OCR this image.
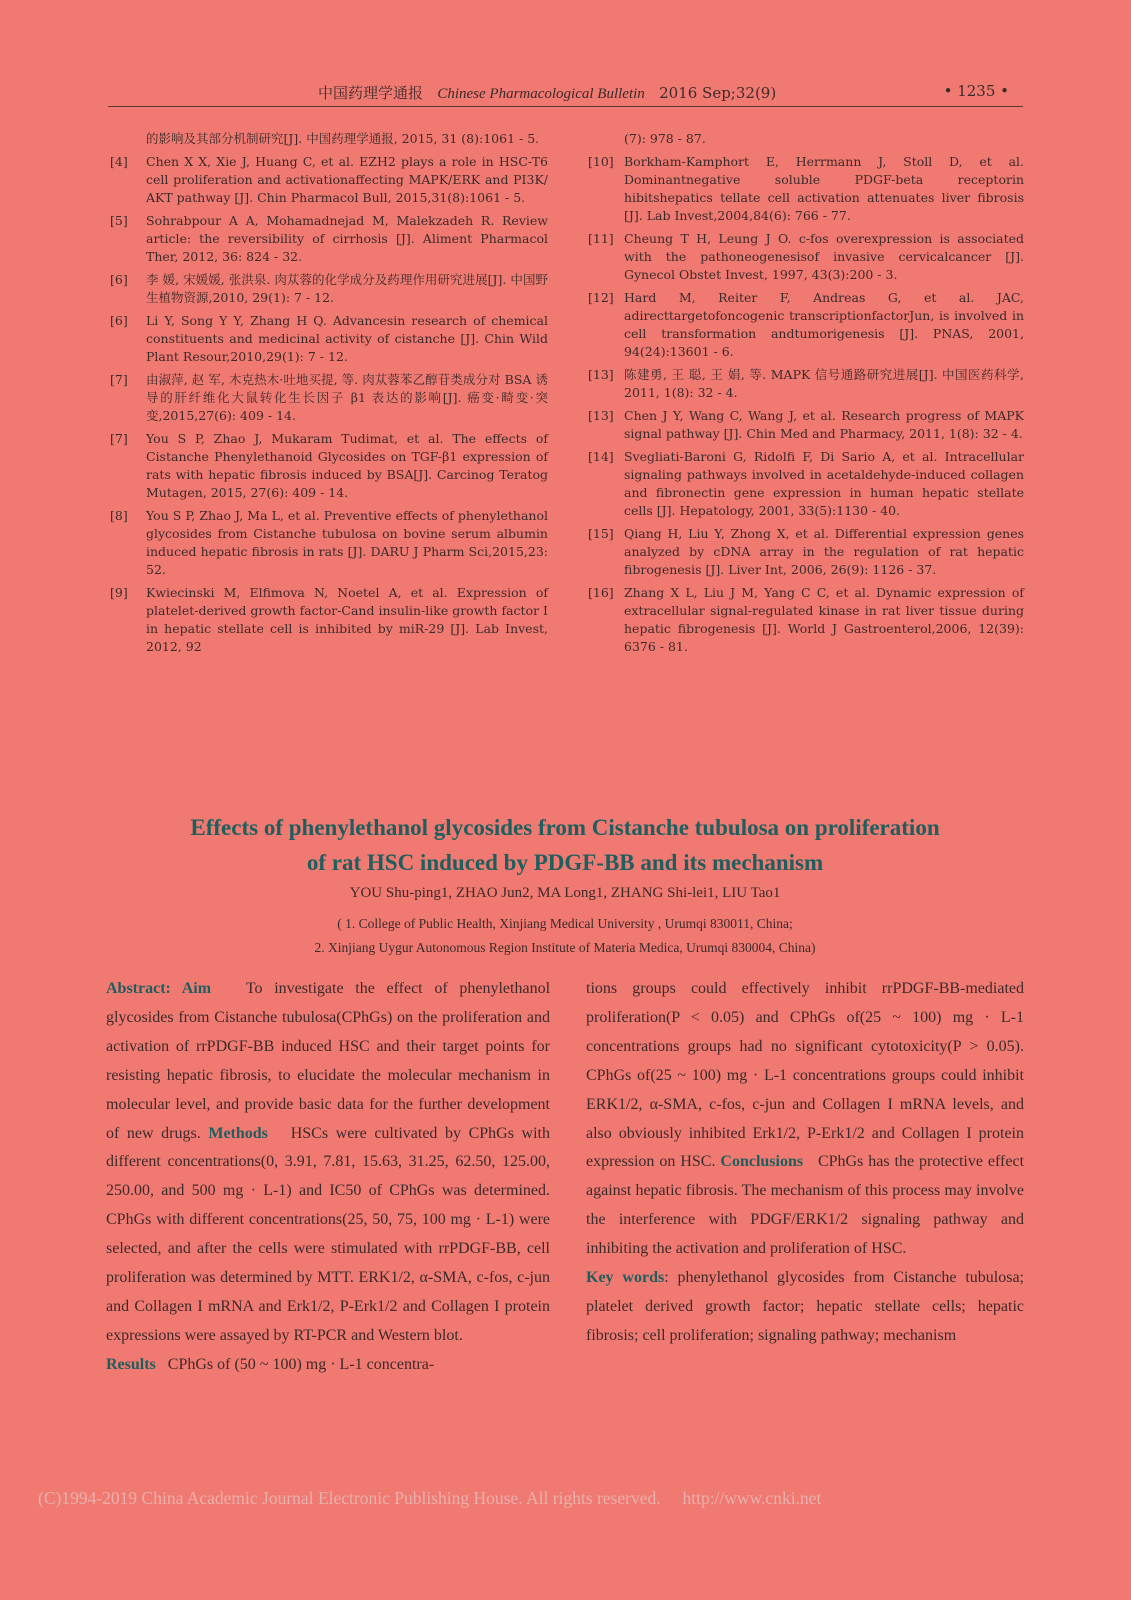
中国药理学通报 Chinese Pharmacological Bulletin 2016 Sep;32(9)	• 1235 •
的影响及其部分机制研究[J]. 中国药理学通报, 2015, 31 (8):1061 - 5.
[4]	Chen X X, Xie J, Huang C, et al. EZH2 plays a role in HSC-T6 cell proliferation and activationaffecting MAPK/ERK and PI3K/ AKT pathway [J]. Chin Pharmacol Bull, 2015,31(8):1061 - 5.
[5]	Sohrabpour A A, Mohamadnejad M, Malekzadeh R. Review article: the reversibility of cirrhosis [J]. Aliment Pharmacol Ther, 2012, 36: 824 - 32.
[6]	李 媛, 宋媛媛, 张洪泉. 肉苁蓉的化学成分及药理作用研究进展[J]. 中国野生植物资源,2010, 29(1): 7 - 12.
[6]	Li Y, Song Y Y, Zhang H Q. Advancesin research of chemical constituents and medicinal activity of cistanche [J]. Chin Wild Plant Resour,2010,29(1): 7 - 12.
[7]	由淑萍, 赵 军, 木克热木·吐地买提, 等. 肉苁蓉苯乙醇苷类成分对 BSA 诱导的肝纤维化大鼠转化生长因子 β1 表达的影响[J]. 癌变·畸变·突变,2015,27(6): 409 - 14.
[7]	You S P, Zhao J, Mukaram Tudimat, et al. The effects of Cistanche Phenylethanoid Glycosides on TGF-β1 expression of rats with hepatic fibrosis induced by BSA[J]. Carcinog Teratog Mutagen, 2015, 27(6): 409 - 14.
[8]	You S P, Zhao J, Ma L, et al. Preventive effects of phenylethanol glycosides from Cistanche tubulosa on bovine serum albumin induced hepatic fibrosis in rats [J]. DARU J Pharm Sci,2015,23: 52.
[9]	Kwiecinski M, Elfimova N, Noetel A, et al. Expression of platelet-derived growth factor-Cand insulin-like growth factor I in hepatic stellate cell is inhibited by miR-29 [J]. Lab Invest, 2012, 92
(7): 978 - 87.
[10] Borkham-Kamphort E, Herrmann J, Stoll D, et al. Dominantnegative soluble PDGF-beta receptorin hibitshepatics tellate cell activation attenuates liver fibrosis [J]. Lab Invest,2004,84(6): 766 - 77.
[11] Cheung T H, Leung J O. c-fos overexpression is associated with the pathoneogenesisof invasive cervicalcancer [J]. Gynecol Obstet Invest, 1997, 43(3):200 - 3.
[12] Hard M, Reiter F, Andreas G, et al. JAC, adirecttargetofoncogenic transcriptionfactorJun, is involved in cell transformation andtumorigenesis [J]. PNAS, 2001, 94(24):13601 - 6.
[13] 陈建勇, 王 聪, 王 娟, 等. MAPK 信号通路研究进展[J]. 中国医药科学, 2011, 1(8): 32 - 4.
[13] Chen J Y, Wang C, Wang J, et al. Research progress of MAPK signal pathway [J]. Chin Med and Pharmacy, 2011, 1(8): 32 - 4.
[14] Svegliati-Baroni G, Ridolfi F, Di Sario A, et al. Intracellular signaling pathways involved in acetaldehyde-induced collagen and fibronectin gene expression in human hepatic stellate cells [J]. Hepatology, 2001, 33(5):1130 - 40.
[15] Qiang H, Liu Y, Zhong X, et al. Differential expression genes analyzed by cDNA array in the regulation of rat hepatic fibrogenesis [J]. Liver Int, 2006, 26(9): 1126 - 37.
[16] Zhang X L, Liu J M, Yang C C, et al. Dynamic expression of extracellular signal-regulated kinase in rat liver tissue during hepatic fibrogenesis [J]. World J Gastroenterol,2006, 12(39): 6376 - 81.
Effects of phenylethanol glycosides from Cistanche tubulosa on proliferation
of rat HSC induced by PDGF-BB and its mechanism
YOU Shu-ping1, ZHAO Jun2, MA Long1, ZHANG Shi-lei1, LIU Tao1
( 1. College of Public Health, Xinjiang Medical University , Urumqi 830011, China;
2. Xinjiang Uygur Autonomous Region Institute of Materia Medica, Urumqi 830004, China)
Abstract: Aim To investigate the effect of phenylethanol glycosides from Cistanche tubulosa(CPhGs) on the proliferation and activation of rrPDGF-BB induced HSC and their target points for resisting hepatic fibrosis, to elucidate the molecular mechanism in molecular level, and provide basic data for the further development of new drugs. Methods HSCs were cultivated by CPhGs with different concentrations(0, 3.91, 7.81, 15.63, 31.25, 62.50, 125.00, 250.00, and 500 mg · L-1) and IC50 of CPhGs was determined. CPhGs with different concentrations(25, 50, 75, 100 mg · L-1) were selected, and after the cells were stimulated with rrPDGF-BB, cell proliferation was determined by MTT. ERK1/2, α-SMA, c-fos, c-jun and Collagen I mRNA and Erk1/2, P-Erk1/2 and Collagen I protein expressions were assayed by RT-PCR and Western blot.
Results CPhGs of (50 ~ 100) mg · L-1 concentra-
tions groups could effectively inhibit rrPDGF-BB-mediated proliferation(P < 0.05) and CPhGs of(25 ~ 100) mg · L-1 concentrations groups had no significant cytotoxicity(P > 0.05). CPhGs of(25 ~ 100) mg · L-1 concentrations groups could inhibit ERK1/2, α-SMA, c-fos, c-jun and Collagen I mRNA levels, and also obviously inhibited Erk1/2, P-Erk1/2 and Collagen I protein expression on HSC. Conclusions CPhGs has the protective effect against hepatic fibrosis. The mechanism of this process may involve the interference with PDGF/ERK1/2 signaling pathway and inhibiting the activation and proliferation of HSC.
Key words: phenylethanol glycosides from Cistanche tubulosa; platelet derived growth factor; hepatic stellate cells; hepatic fibrosis; cell proliferation; signaling pathway; mechanism
(C)1994-2019 China Academic Journal Electronic Publishing House. All rights reserved. http://www.cnki.net
